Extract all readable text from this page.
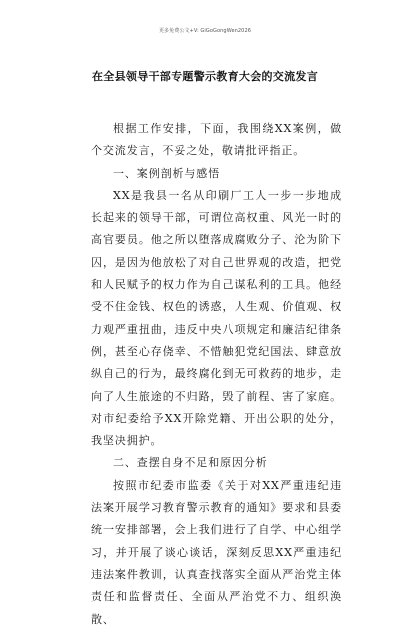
更多免费公文+V: GiGoGongWen2026
在全县领导干部专题警示教育大会的交流发言

根据工作安排，下面，我围绕XX案例，做个交流发言，不妥之处，敬请批评指正。

一、案例剖析与感悟

XX是我县一名从印刷厂工人一步一步地成长起来的领导干部，可谓位高权重、风光一时的高官要员。他之所以堕落成腐败分子、沦为阶下囚，是因为他放松了对自己世界观的改造，把党和人民赋予的权力作为自己谋私利的工具。他经受不住金钱、权色的诱惑，人生观、价值观、权力观严重扭曲，违反中央八项规定和廉洁纪律条例，甚至心存侥幸、不惜触犯党纪国法、肆意放纵自己的行为，最终腐化到无可救药的地步，走向了人生旅途的不归路，毁了前程、害了家庭。对市纪委给予XX开除党籍、开出公职的处分，我坚决拥护。

二、查摆自身不足和原因分析

按照市纪委市监委《关于对XX严重违纪违法案开展学习教育警示教育的通知》要求和县委统一安排部署，会上我们进行了自学、中心组学习，并开展了谈心谈话，深刻反思XX严重违纪违法案件教训，认真查找落实全面从严治党主体责任和监督责任、全面从严治党不力、组织涣散、
